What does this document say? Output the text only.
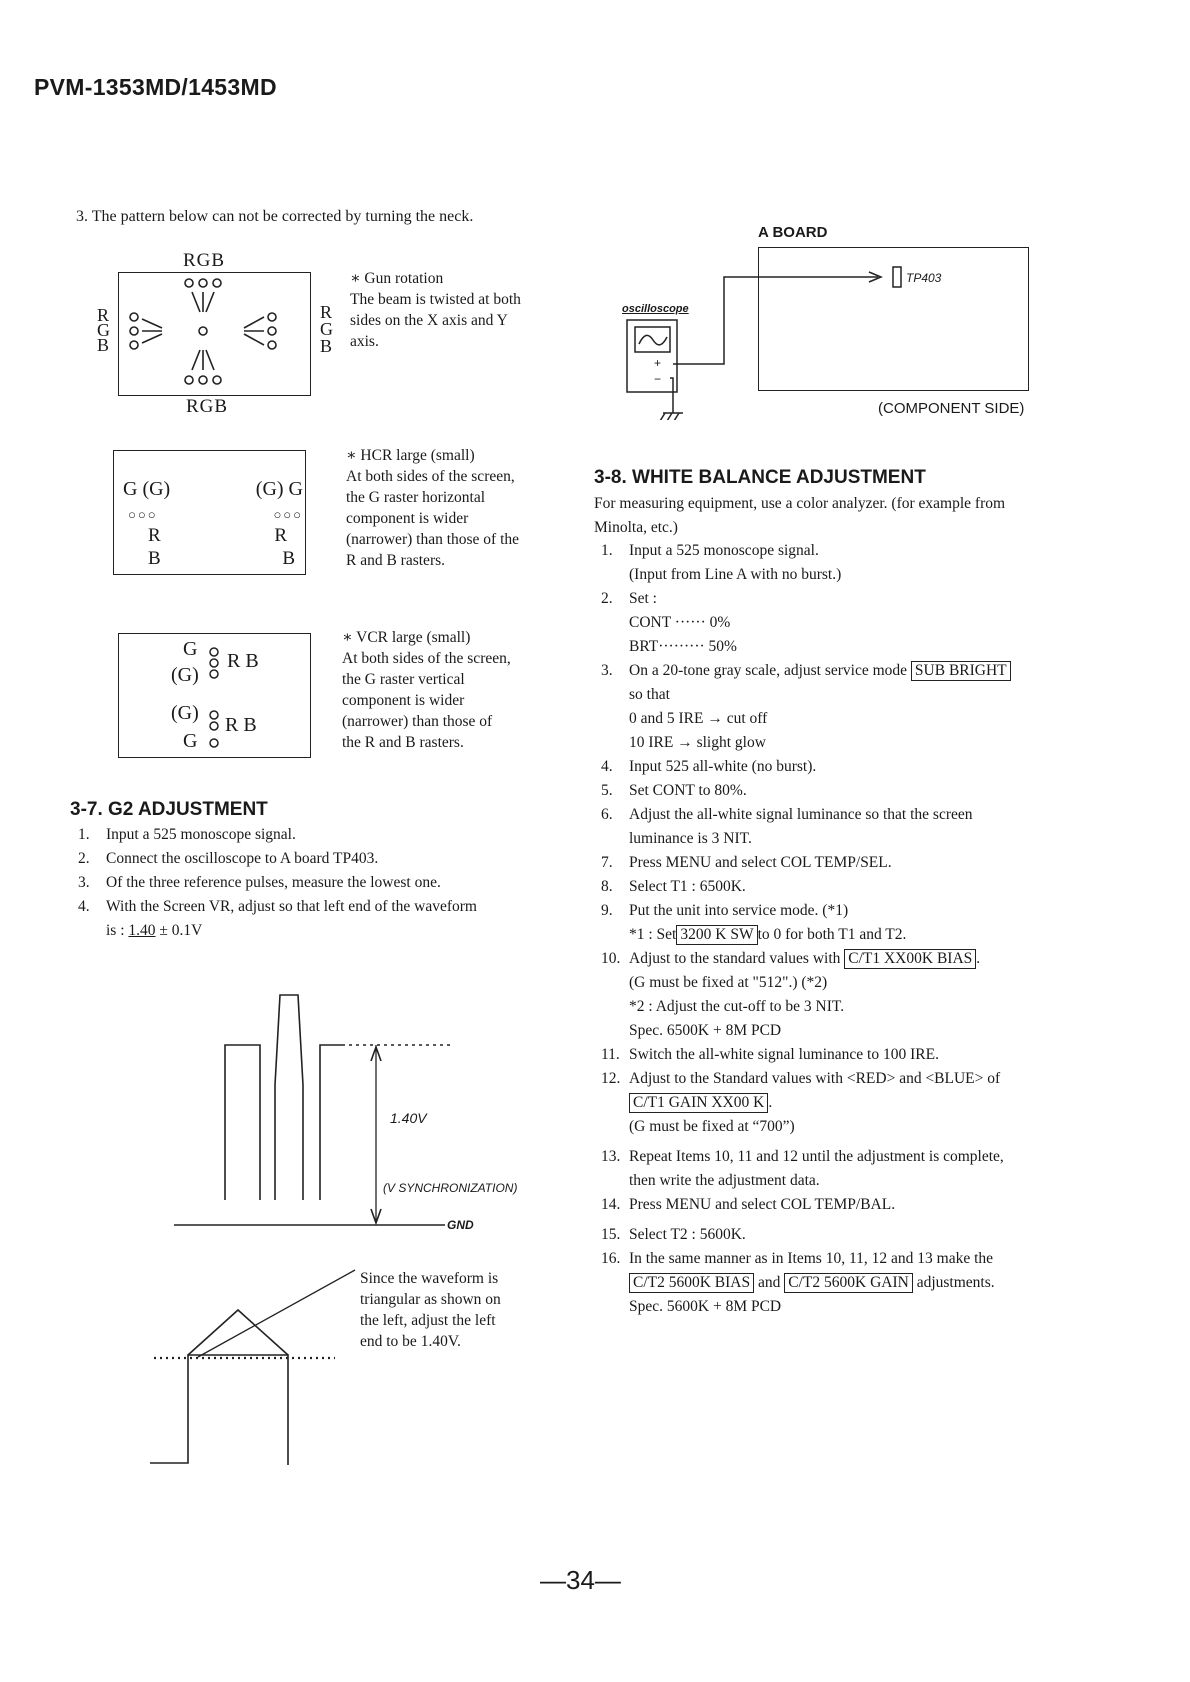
PVM-1353MD/1453MD
3. The pattern below can not be corrected by turning the neck.
RGB
R
G
B
R
G
B
RGB
∗ Gun rotation
The beam is twisted at both
sides on the X axis and Y
axis.
G (G)	(G) G
○○○	○○○
R	R
B	B
∗ HCR large (small)
At both sides of the screen,
the G raster horizontal
component is wider
(narrower) than those of the
R and B rasters.
G
(G)
R B
(G)
R B
G
∗ VCR large (small)
At both sides of the screen,
the G raster vertical
component is wider
(narrower) than those of
the R and B rasters.
3-7. G2 ADJUSTMENT
1. Input a 525 monoscope signal.
2. Connect the oscilloscope to A board TP403.
3. Of the three reference pulses, measure the lowest one.
4. With the Screen VR, adjust so that left end of the waveform
is : 1.40 ± 0.1V
1.40V
(V SYNCHRONIZATION)
GND
Since the waveform is
triangular as shown on
the left, adjust the left
end to be 1.40V.
A BOARD
TP403
oscilloscope
+
−
(COMPONENT SIDE)
3-8. WHITE BALANCE ADJUSTMENT
For measuring equipment, use a color analyzer. (for example from
Minolta, etc.)
1. Input a 525 monoscope signal.
(Input from Line A with no burst.)
2. Set :
CONT ······ 0%
BRT········· 50%
3. On a 20-tone gray scale, adjust service mode SUB BRIGHT
so that
0 and 5 IRE → cut off
10 IRE → slight glow
4. Input 525 all-white (no burst).
5. Set CONT to 80%.
6. Adjust the all-white signal luminance so that the screen
luminance is 3 NIT.
7. Press MENU and select COL TEMP/SEL.
8. Select T1 : 6500K.
9. Put the unit into service mode. (*1)
*1 : Set 3200 K SW to 0 for both T1 and T2.
10. Adjust to the standard values with C/T1 XX00K BIAS .
(G must be fixed at "512".) (*2)
*2 : Adjust the cut-off to be 3 NIT.
Spec. 6500K + 8M PCD
11. Switch the all-white signal luminance to 100 IRE.
12. Adjust to the Standard values with <RED> and <BLUE> of
C/T1 GAIN XX00 K .
(G must be fixed at “700”)
13. Repeat Items 10, 11 and 12 until the adjustment is complete,
then write the adjustment data.
14. Press MENU and select COL TEMP/BAL.
15. Select T2 : 5600K.
16. In the same manner as in Items 10, 11, 12 and 13 make the
C/T2 5600K BIAS and C/T2 5600K GAIN adjustments.
Spec. 5600K + 8M PCD
—34—
